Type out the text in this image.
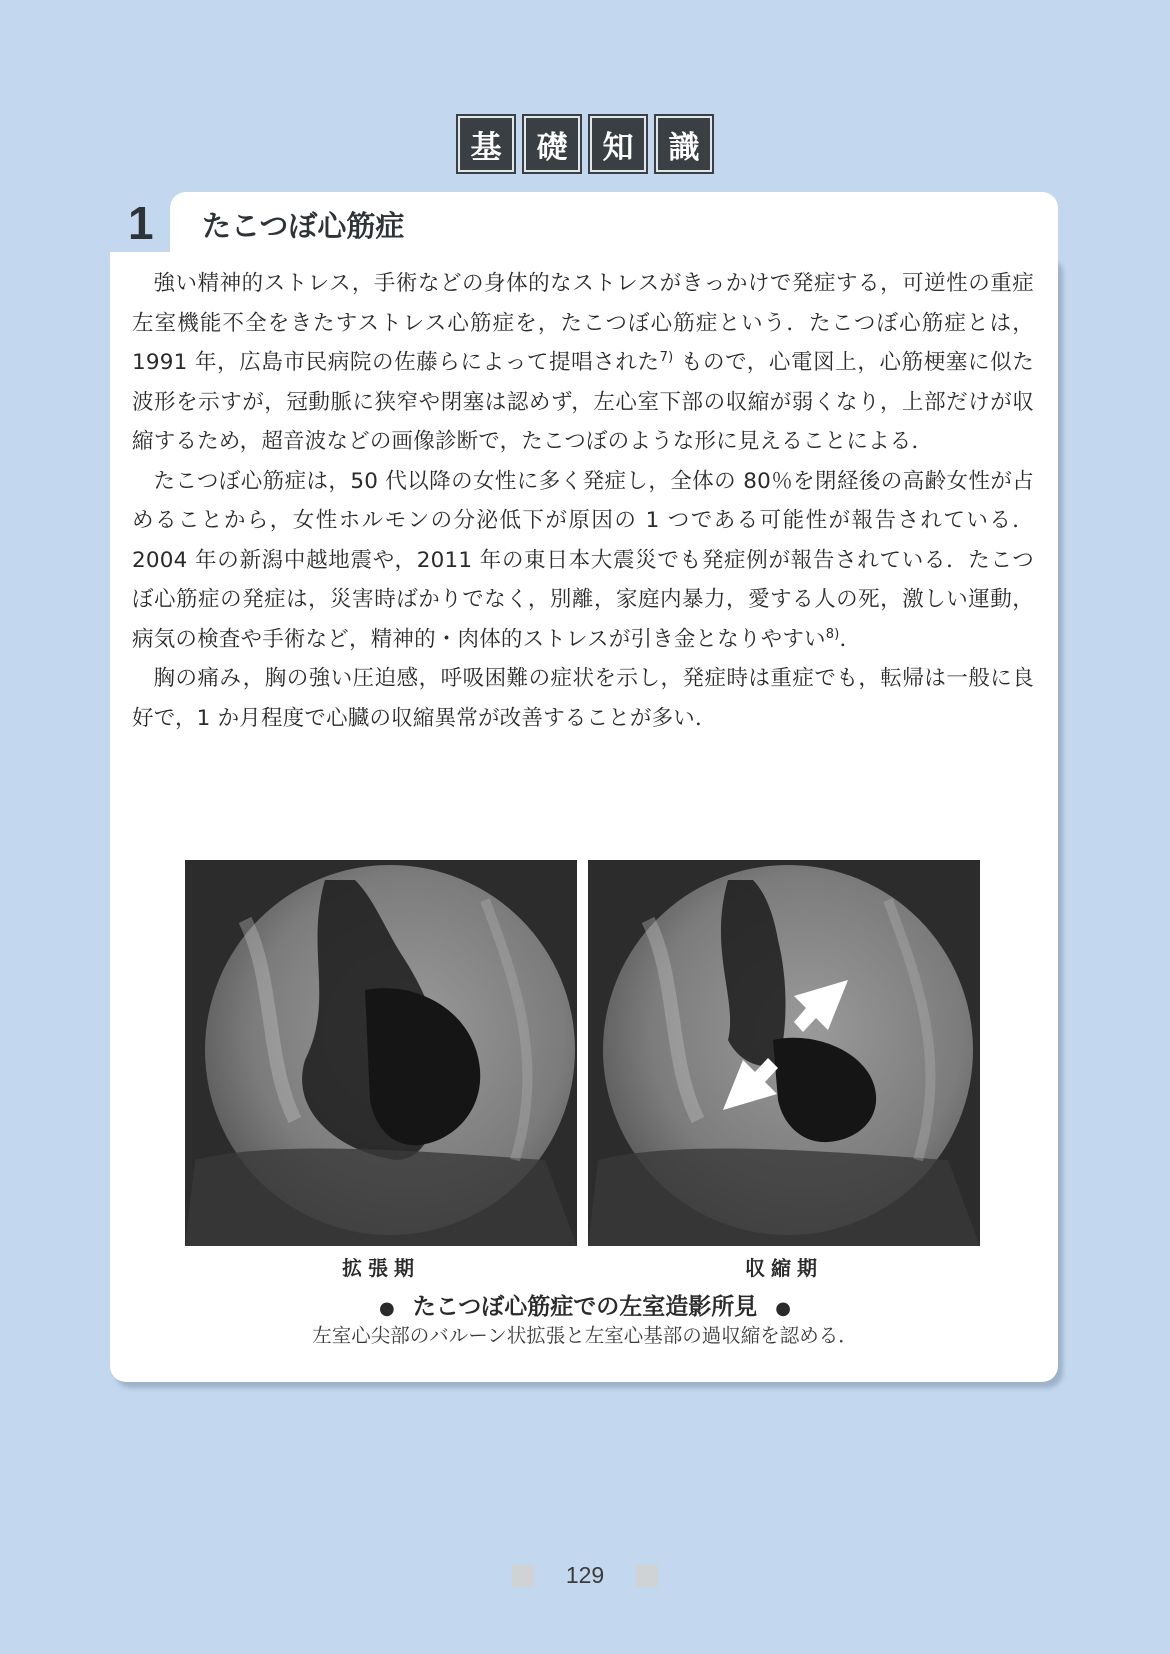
基	礎	知	識
1 たこつぼ心筋症

強い精神的ストレス，手術などの身体的なストレスがきっかけで発症する，可逆性の重症左室機能不全をきたすストレス心筋症を，たこつぼ心筋症という．たこつぼ心筋症とは，1991 年，広島市民病院の佐藤らによって提唱された$^{7)}$ もので，心電図上，心筋梗塞に似た波形を示すが，冠動脈に狭窄や閉塞は認めず，左心室下部の収縮が弱くなり，上部だけが収縮するため，超音波などの画像診断で，たこつぼのような形に見えることによる．

たこつぼ心筋症は，50 代以降の女性に多く発症し，全体の 80％を閉経後の高齢女性が占めることから，女性ホルモンの分泌低下が原因の 1 つである可能性が報告されている．2004 年の新潟中越地震や，2011 年の東日本大震災でも発症例が報告されている．たこつぼ心筋症の発症は，災害時ばかりでなく，別離，家庭内暴力，愛する人の死，激しい運動，病気の検査や手術など，精神的・肉体的ストレスが引き金となりやすい$^{8)}$．

胸の痛み，胸の強い圧迫感，呼吸困難の症状を示し，発症時は重症でも，転帰は一般に良好で，1 か月程度で心臓の収縮異常が改善することが多い．

拡張期	収縮期
● たこつぼ心筋症での左室造影所見 ●
左室心尖部のバルーン状拡張と左室心基部の過収縮を認める．
129
